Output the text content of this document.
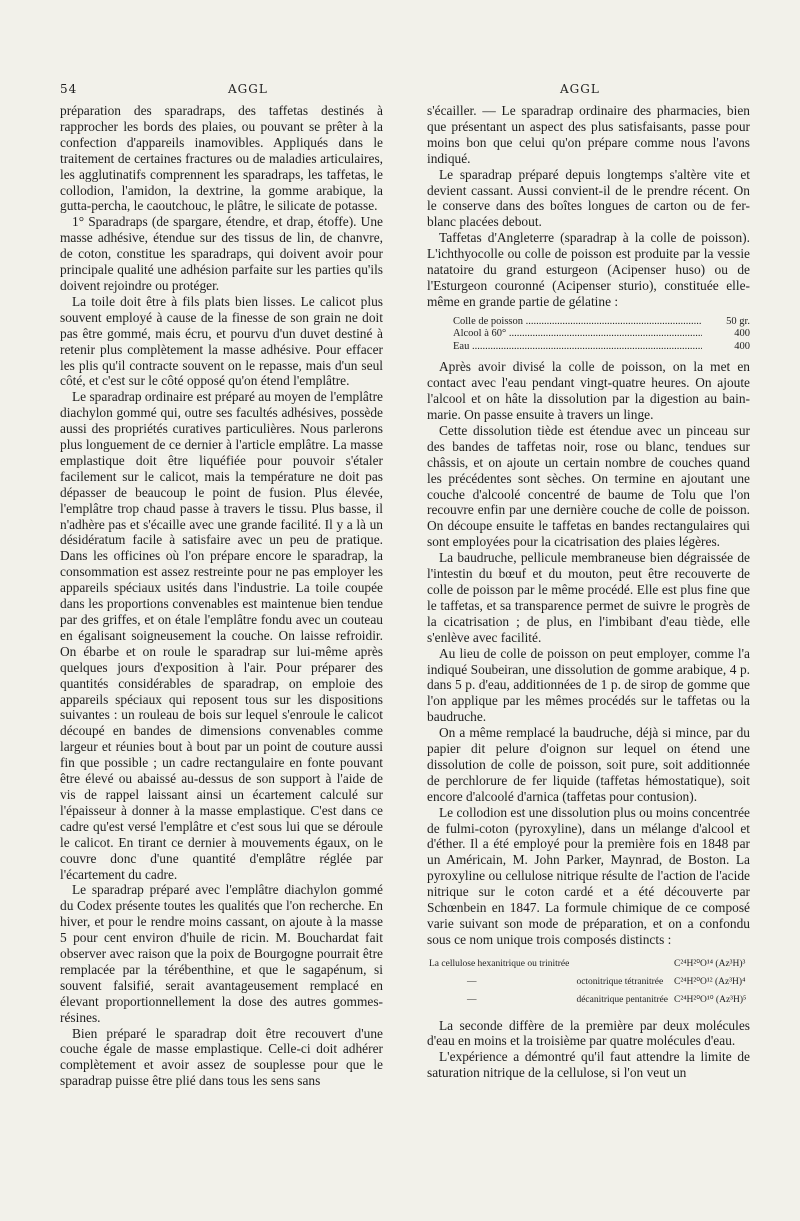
54	AGGL	AGGL

préparation des sparadraps, des taffetas destinés à rapprocher les bords des plaies, ou pouvant se prêter à la confection d'appareils inamovibles. Appliqués dans le traitement de certaines fractures ou de maladies articulaires, les agglutinatifs comprennent les sparadraps, les taffetas, le collodion, l'amidon, la dextrine, la gomme arabique, la gutta-percha, le caoutchouc, le plâtre, le silicate de potasse.

1° Sparadraps (de spargare, étendre, et drap, étoffe). Une masse adhésive, étendue sur des tissus de lin, de chanvre, de coton, constitue les sparadraps, qui doivent avoir pour principale qualité une adhésion parfaite sur les parties qu'ils doivent rejoindre ou protéger.

La toile doit être à fils plats bien lisses. Le calicot plus souvent employé à cause de la finesse de son grain ne doit pas être gommé, mais écru, et pourvu d'un duvet destiné à retenir plus complètement la masse adhésive. Pour effacer les plis qu'il contracte souvent on le repasse, mais d'un seul côté, et c'est sur le côté opposé qu'on étend l'emplâtre.

Le sparadrap ordinaire est préparé au moyen de l'emplâtre diachylon gommé qui, outre ses facultés adhésives, possède aussi des propriétés curatives particulières. Nous parlerons plus longuement de ce dernier à l'article emplâtre. La masse emplastique doit être liquéfiée pour pouvoir s'étaler facilement sur le calicot, mais la température ne doit pas dépasser de beaucoup le point de fusion. Plus élevée, l'emplâtre trop chaud passe à travers le tissu. Plus basse, il n'adhère pas et s'écaille avec une grande facilité. Il y a là un désidératum facile à satisfaire avec un peu de pratique. Dans les officines où l'on prépare encore le sparadrap, la consommation est assez restreinte pour ne pas employer les appareils spéciaux usités dans l'industrie. La toile coupée dans les proportions convenables est maintenue bien tendue par des griffes, et on étale l'emplâtre fondu avec un couteau en égalisant soigneusement la couche. On laisse refroidir. On ébarbe et on roule le sparadrap sur lui-même après quelques jours d'exposition à l'air. Pour préparer des quantités considérables de sparadrap, on emploie des appareils spéciaux qui reposent tous sur les dispositions suivantes : un rouleau de bois sur lequel s'enroule le calicot découpé en bandes de dimensions convenables comme largeur et réunies bout à bout par un point de couture aussi fin que possible ; un cadre rectangulaire en fonte pouvant être élevé ou abaissé au-dessus de son support à l'aide de vis de rappel laissant ainsi un écartement calculé sur l'épaisseur à donner à la masse emplastique. C'est dans ce cadre qu'est versé l'emplâtre et c'est sous lui que se déroule le calicot. En tirant ce dernier à mouvements égaux, on le couvre donc d'une quantité d'emplâtre réglée par l'écartement du cadre.

Le sparadrap préparé avec l'emplâtre diachylon gommé du Codex présente toutes les qualités que l'on recherche. En hiver, et pour le rendre moins cassant, on ajoute à la masse 5 pour cent environ d'huile de ricin. M. Bouchardat fait observer avec raison que la poix de Bourgogne pourrait être remplacée par la térébenthine, et que le sagapénum, si souvent falsifié, serait avantageusement remplacé en élevant proportionnellement la dose des autres gommes-résines.

Bien préparé le sparadrap doit être recouvert d'une couche égale de masse emplastique. Celle-ci doit adhérer complètement et avoir assez de souplesse pour que le sparadrap puisse être plié dans tous les sens sans

s'écailler. — Le sparadrap ordinaire des pharmacies, bien que présentant un aspect des plus satisfaisants, passe pour moins bon que celui qu'on prépare comme nous l'avons indiqué.

Le sparadrap préparé depuis longtemps s'altère vite et devient cassant. Aussi convient-il de le prendre récent. On le conserve dans des boîtes longues de carton ou de fer-blanc placées debout.

Taffetas d'Angleterre (sparadrap à la colle de poisson). L'ichthyocolle ou colle de poisson est produite par la vessie natatoire du grand esturgeon (Acipenser huso) ou de l'Esturgeon couronné (Acipenser sturio), constituée elle-même en grande partie de gélatine :

Colle de poisson .....	50 gr.
Alcool à 60° .....	400
Eau .....	400

Après avoir divisé la colle de poisson, on la met en contact avec l'eau pendant vingt-quatre heures. On ajoute l'alcool et on hâte la dissolution par la digestion au bain-marie. On passe ensuite à travers un linge.

Cette dissolution tiède est étendue avec un pinceau sur des bandes de taffetas noir, rose ou blanc, tendues sur châssis, et on ajoute un certain nombre de couches quand les précédentes sont sèches. On termine en ajoutant une couche d'alcoolé concentré de baume de Tolu que l'on recouvre enfin par une dernière couche de colle de poisson. On découpe ensuite le taffetas en bandes rectangulaires qui sont employées pour la cicatrisation des plaies légères.

La baudruche, pellicule membraneuse bien dégraissée de l'intestin du bœuf et du mouton, peut être recouverte de colle de poisson par le même procédé. Elle est plus fine que le taffetas, et sa transparence permet de suivre le progrès de la cicatrisation ; de plus, en l'imbibant d'eau tiède, elle s'enlève avec facilité.

Au lieu de colle de poisson on peut employer, comme l'a indiqué Soubeiran, une dissolution de gomme arabique, 4 p. dans 5 p. d'eau, additionnées de 1 p. de sirop de gomme que l'on applique par les mêmes procédés sur le taffetas ou la baudruche.

On a même remplacé la baudruche, déjà si mince, par du papier dit pelure d'oignon sur lequel on étend une dissolution de colle de poisson, soit pure, soit additionnée de perchlorure de fer liquide (taffetas hémostatique), soit encore d'alcoolé d'arnica (taffetas pour contusion).

Le collodion est une dissolution plus ou moins concentrée de fulmi-coton (pyroxyline), dans un mélange d'alcool et d'éther. Il a été employé pour la première fois en 1848 par un Américain, M. John Parker, Maynrad, de Boston. La pyroxyline ou cellulose nitrique résulte de l'action de l'acide nitrique sur le coton cardé et a été découverte par Schœnbein en 1847. La formule chimique de ce composé varie suivant son mode de préparation, et on a confondu sous ce nom unique trois composés distincts :

La cellulose hexanitrique ou trinitrée		C²⁴H²⁰O¹⁴ (Az³H)³
—	octonitrique tétranitrée	C²⁴H²⁰O¹² (Az³H)⁴
—	décanitrique pentanitrée	C²⁴H²⁰O¹⁰ (Az³H)⁵

La seconde diffère de la première par deux molécules d'eau en moins et la troisième par quatre molécules d'eau.

L'expérience a démontré qu'il faut attendre la limite de saturation nitrique de la cellulose, si l'on veut un
